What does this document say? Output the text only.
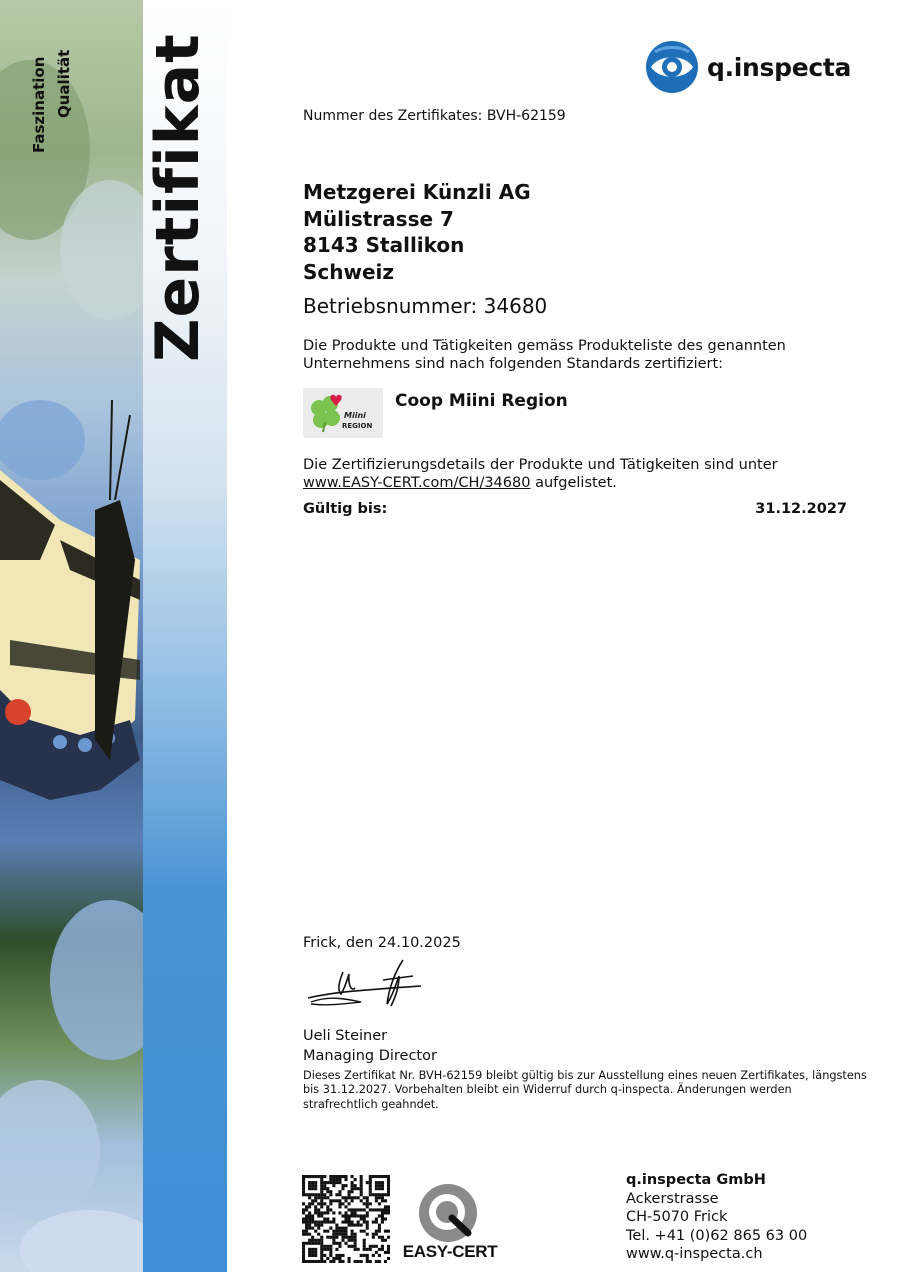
Zertifikat
Faszination Qualität	q.inspecta
Nummer des Zertifikates: BVH-62159
Metzgerei Künzli AG
Mülistrasse 7
8143 Stallikon
Schweiz
Betriebsnummer: 34680
Die Produkte und Tätigkeiten gemäss Produkteliste des genannten Unternehmens sind nach folgenden Standards zertifiziert:
Miini
REGION
Coop Miini Region
Die Zertifizierungsdetails der Produkte und Tätigkeiten sind unter www.EASY-CERT.com/CH/34680 aufgelistet.
Gültig bis:	31.12.2027
Frick, den 24.10.2025
Ueli Steiner
Managing Director
Dieses Zertifikat Nr. BVH-62159 bleibt gültig bis zur Ausstellung eines neuen Zertifikates, längstens bis 31.12.2027. Vorbehalten bleibt ein Widerruf durch q-inspecta. Änderungen werden strafrechtlich geahndet.
EASY-CERT
q.inspecta GmbH
Ackerstrasse
CH-5070 Frick
Tel. +41 (0)62 865 63 00
www.q-inspecta.ch
